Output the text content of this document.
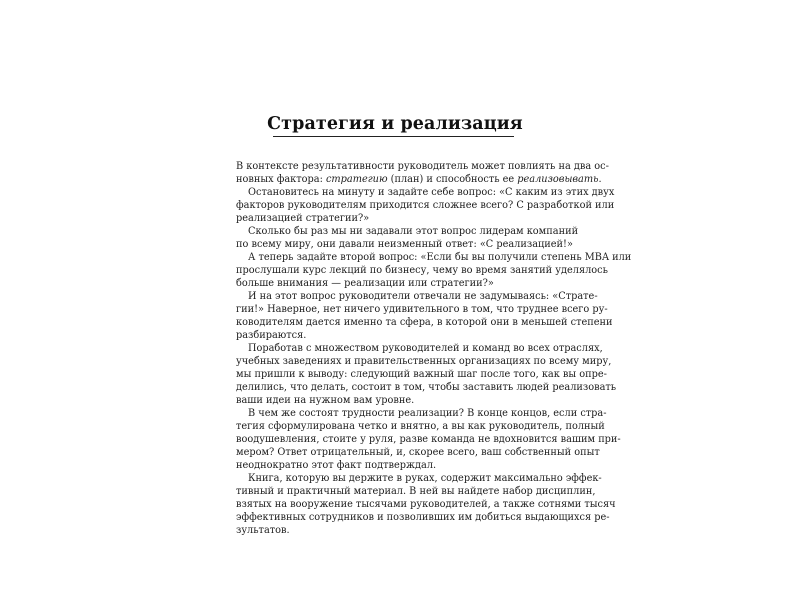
Стратегия и реализация

В контексте результативности руководитель может повлиять на два ос-
новных фактора: стратегию (план) и способность ее реализовывать.

Остановитесь на минуту и задайте себе вопрос: «С каким из этих двух
факторов руководителям приходится сложнее всего? С разработкой или
реализацией стратегии?»

Сколько бы раз мы ни задавали этот вопрос лидерам компаний
по всему миру, они давали неизменный ответ: «С реализацией!»

А теперь задайте второй вопрос: «Если бы вы получили степень MBA или
прослушали курс лекций по бизнесу, чему во время занятий уделялось
больше внимания — реализации или стратегии?»

И на этот вопрос руководители отвечали не задумываясь: «Страте-
гии!» Наверное, нет ничего удивительного в том, что труднее всего ру-
ководителям дается именно та сфера, в которой они в меньшей степени
разбираются.

Поработав с множеством руководителей и команд во всех отраслях,
учебных заведениях и правительственных организациях по всему миру,
мы пришли к выводу: следующий важный шаг после того, как вы опре-
делились, что делать, состоит в том, чтобы заставить людей реализовать
ваши идеи на нужном вам уровне.

В чем же состоят трудности реализации? В конце концов, если стра-
тегия сформулирована четко и внятно, а вы как руководитель, полный
воодушевления, стоите у руля, разве команда не вдохновится вашим при-
мером? Ответ отрицательный, и, скорее всего, ваш собственный опыт
неоднократно этот факт подтверждал.

Книга, которую вы держите в руках, содержит максимально эффек-
тивный и практичный материал. В ней вы найдете набор дисциплин,
взятых на вооружение тысячами руководителей, а также сотнями тысяч
эффективных сотрудников и позволивших им добиться выдающихся ре-
зультатов.
